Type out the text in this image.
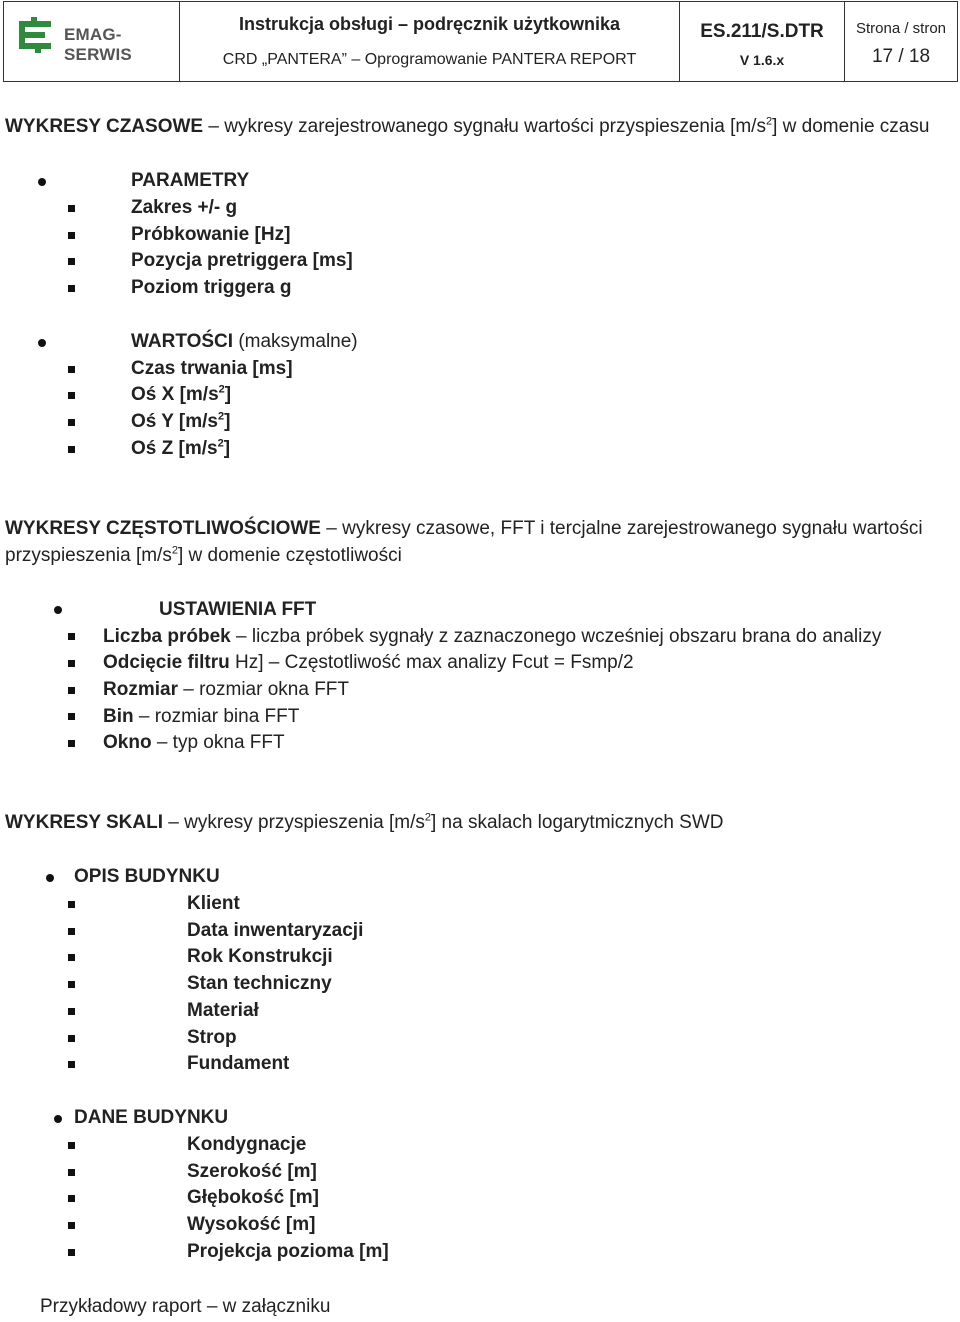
EMAG-SERWIS
Instrukcja obsługi – podręcznik użytkownika
CRD „PANTERA” – Oprogramowanie PANTERA REPORT
ES.211/S.DTR
V 1.6.x
Strona / stron
17 / 18
WYKRESY CZASOWE – wykresy zarejestrowanego sygnału wartości przyspieszenia $[m/s^2]$ w domenie czasu
PARAMETRY
Zakres +/- g
Próbkowanie [Hz]
Pozycja pretriggera [ms]
Poziom triggera g
WARTOŚCI (maksymalne)
Czas trwania [ms]
Oś X $[m/s^2]$
Oś Y $[m/s^2]$
Oś Z $[m/s^2]$
WYKRESY CZĘSTOTLIWOŚCIOWE – wykresy czasowe, FFT i tercjalne zarejestrowanego sygnału wartości
przyspieszenia $[m/s^2]$ w domenie częstotliwości
USTAWIENIA FFT
Liczba próbek – liczba próbek sygnały z zaznaczonego wcześniej obszaru brana do analizy
Odcięcie filtru Hz] – Częstotliwość max analizy Fcut = Fsmp/2
Rozmiar – rozmiar okna FFT
Bin – rozmiar bina FFT
Okno – typ okna FFT
WYKRESY SKALI – wykresy przyspieszenia $[m/s^2]$ na skalach logarytmicznych SWD
OPIS BUDYNKU
Klient
Data inwentaryzacji
Rok Konstrukcji
Stan techniczny
Materiał
Strop
Fundament
DANE BUDYNKU
Kondygnacje
Szerokość [m]
Głębokość [m]
Wysokość [m]
Projekcja pozioma [m]
Przykładowy raport – w załączniku
